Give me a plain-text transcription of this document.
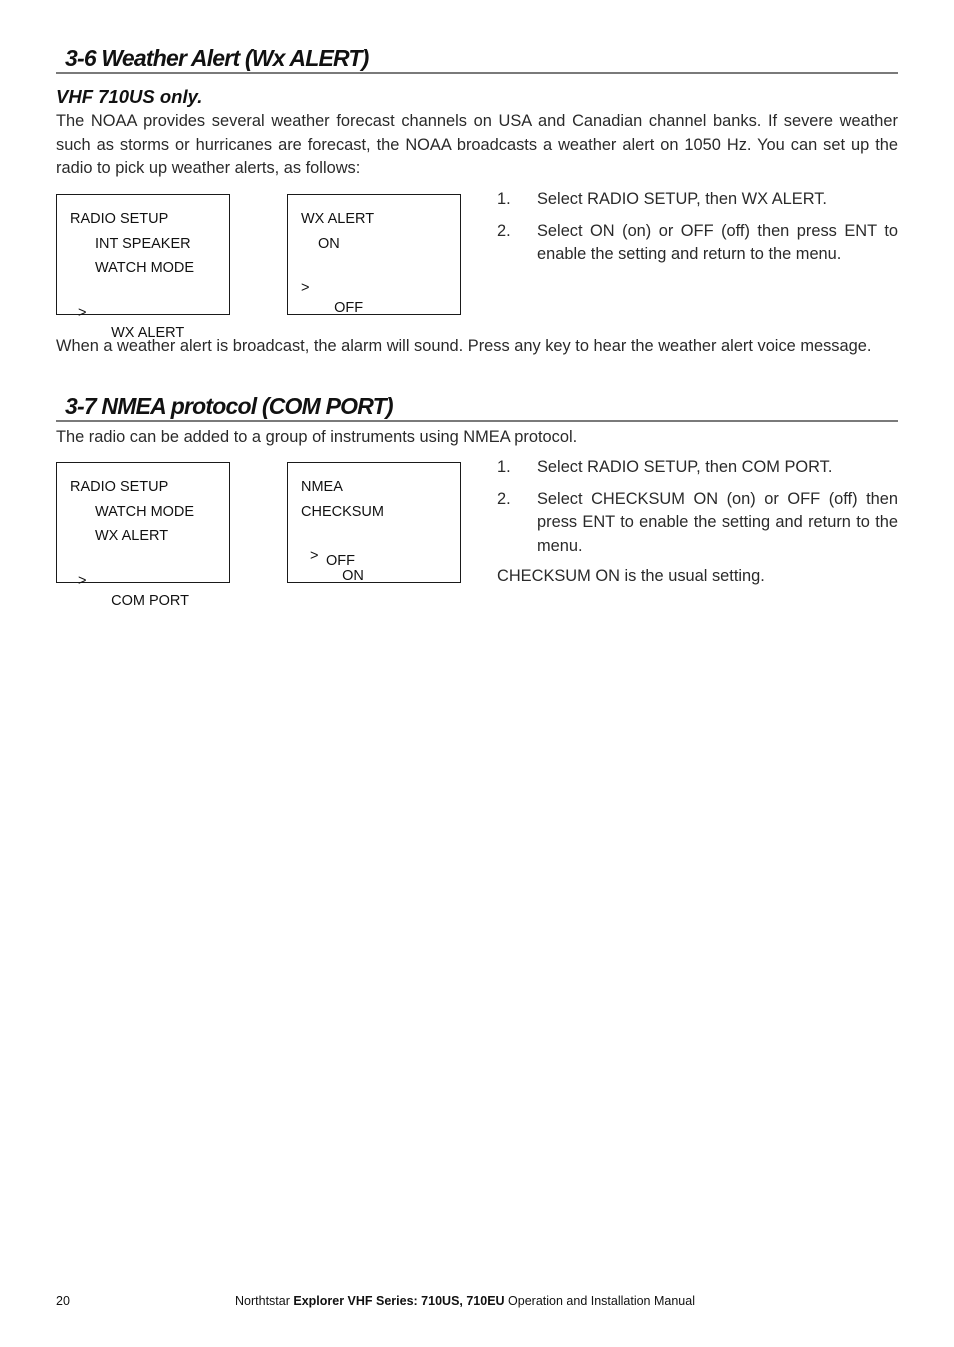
3-6 Weather Alert (Wx ALERT)
VHF 710US only.

The NOAA provides several weather forecast channels on USA and Canadian channel banks. If severe weather such as storms or hurricanes are forecast, the NOAA broadcasts a weather alert on 1050 Hz. You can set up the radio to pick up weather alerts, as follows:

RADIO SETUP
INT SPEAKER
WATCH MODE

>

WX ALERT

WX ALERT
ON

>

OFF

1. Select RADIO SETUP, then WX ALERT.
2. Select ON (on) or OFF (off) then press ENT to enable the setting and return to the menu.

When a weather alert is broadcast, the alarm will sound. Press any key to hear the weather alert voice message.

3-7 NMEA protocol (COM PORT)

The radio can be added to a group of instruments using NMEA protocol.

RADIO SETUP
WATCH MODE
WX ALERT

>

COM PORT

NMEA
CHECKSUM

>

ON

OFF
1. Select RADIO SETUP, then COM PORT.
2. Select CHECKSUM ON (on) or OFF (off) then press ENT to enable the setting and return to the menu.
CHECKSUM ON is the usual setting.
20	Northtstar Explorer VHF Series: 710US, 710EU Operation and Installation Manual
